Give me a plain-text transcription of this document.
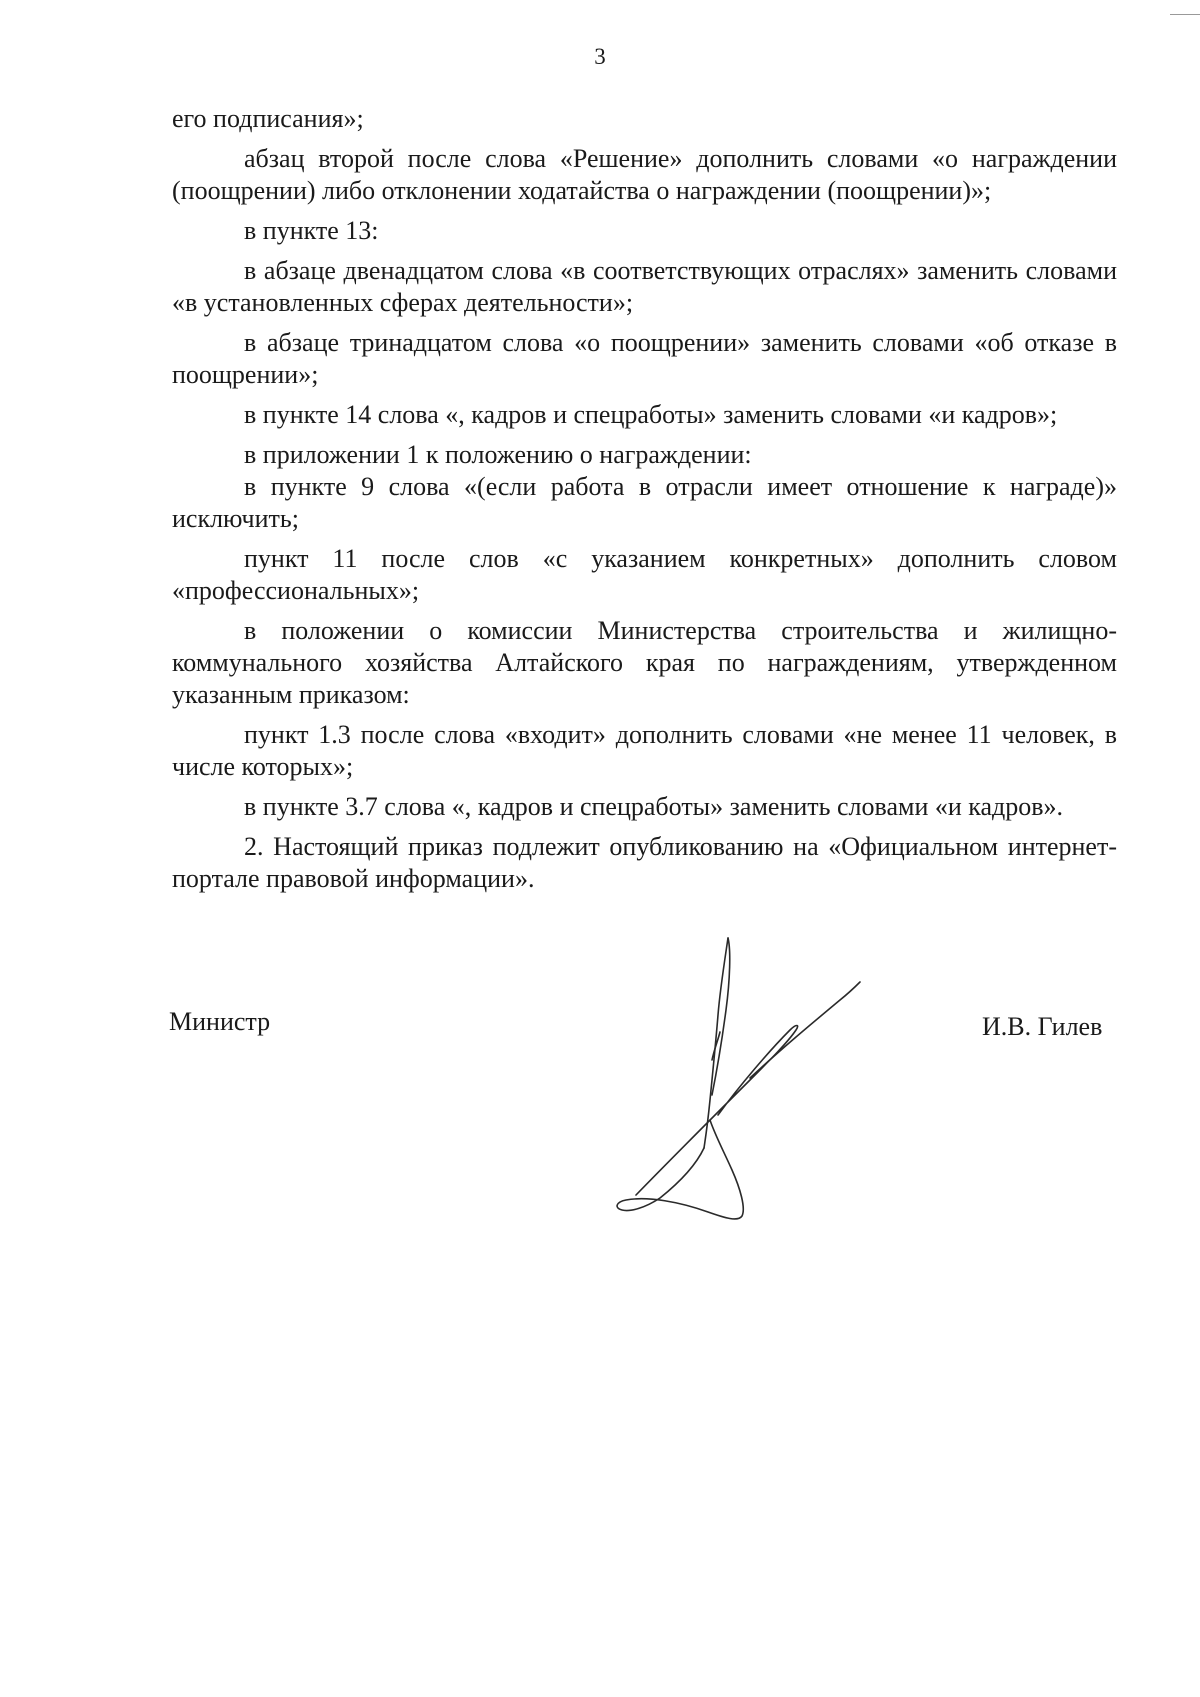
3

его подписания»;

абзац второй после слова «Решение» дополнить словами «о награждении (поощрении) либо отклонении ходатайства о награждении (поощрении)»;

в пункте 13:

в абзаце двенадцатом слова «в соответствующих отраслях» заменить словами «в установленных сферах деятельности»;

в абзаце тринадцатом слова «о поощрении» заменить словами «об отказе в поощрении»;

в пункте 14 слова «, кадров и спецработы» заменить словами «и кадров»;

в приложении 1 к положению о награждении:

в пункте 9 слова «(если работа в отрасли имеет отношение к награде)» исключить;

пункт 11 после слов «с указанием конкретных» дополнить словом «профессиональных»;

в положении о комиссии Министерства строительства и жилищно-коммунального хозяйства Алтайского края по награждениям, утвержденном указанным приказом:

пункт 1.3 после слова «входит» дополнить словами «не менее 11 человек, в числе которых»;

в пункте 3.7 слова «, кадров и спецработы» заменить словами «и кадров».

2. Настоящий приказ подлежит опубликованию на «Официальном интернет-портале правовой информации».

Министр	И.В. Гилев
